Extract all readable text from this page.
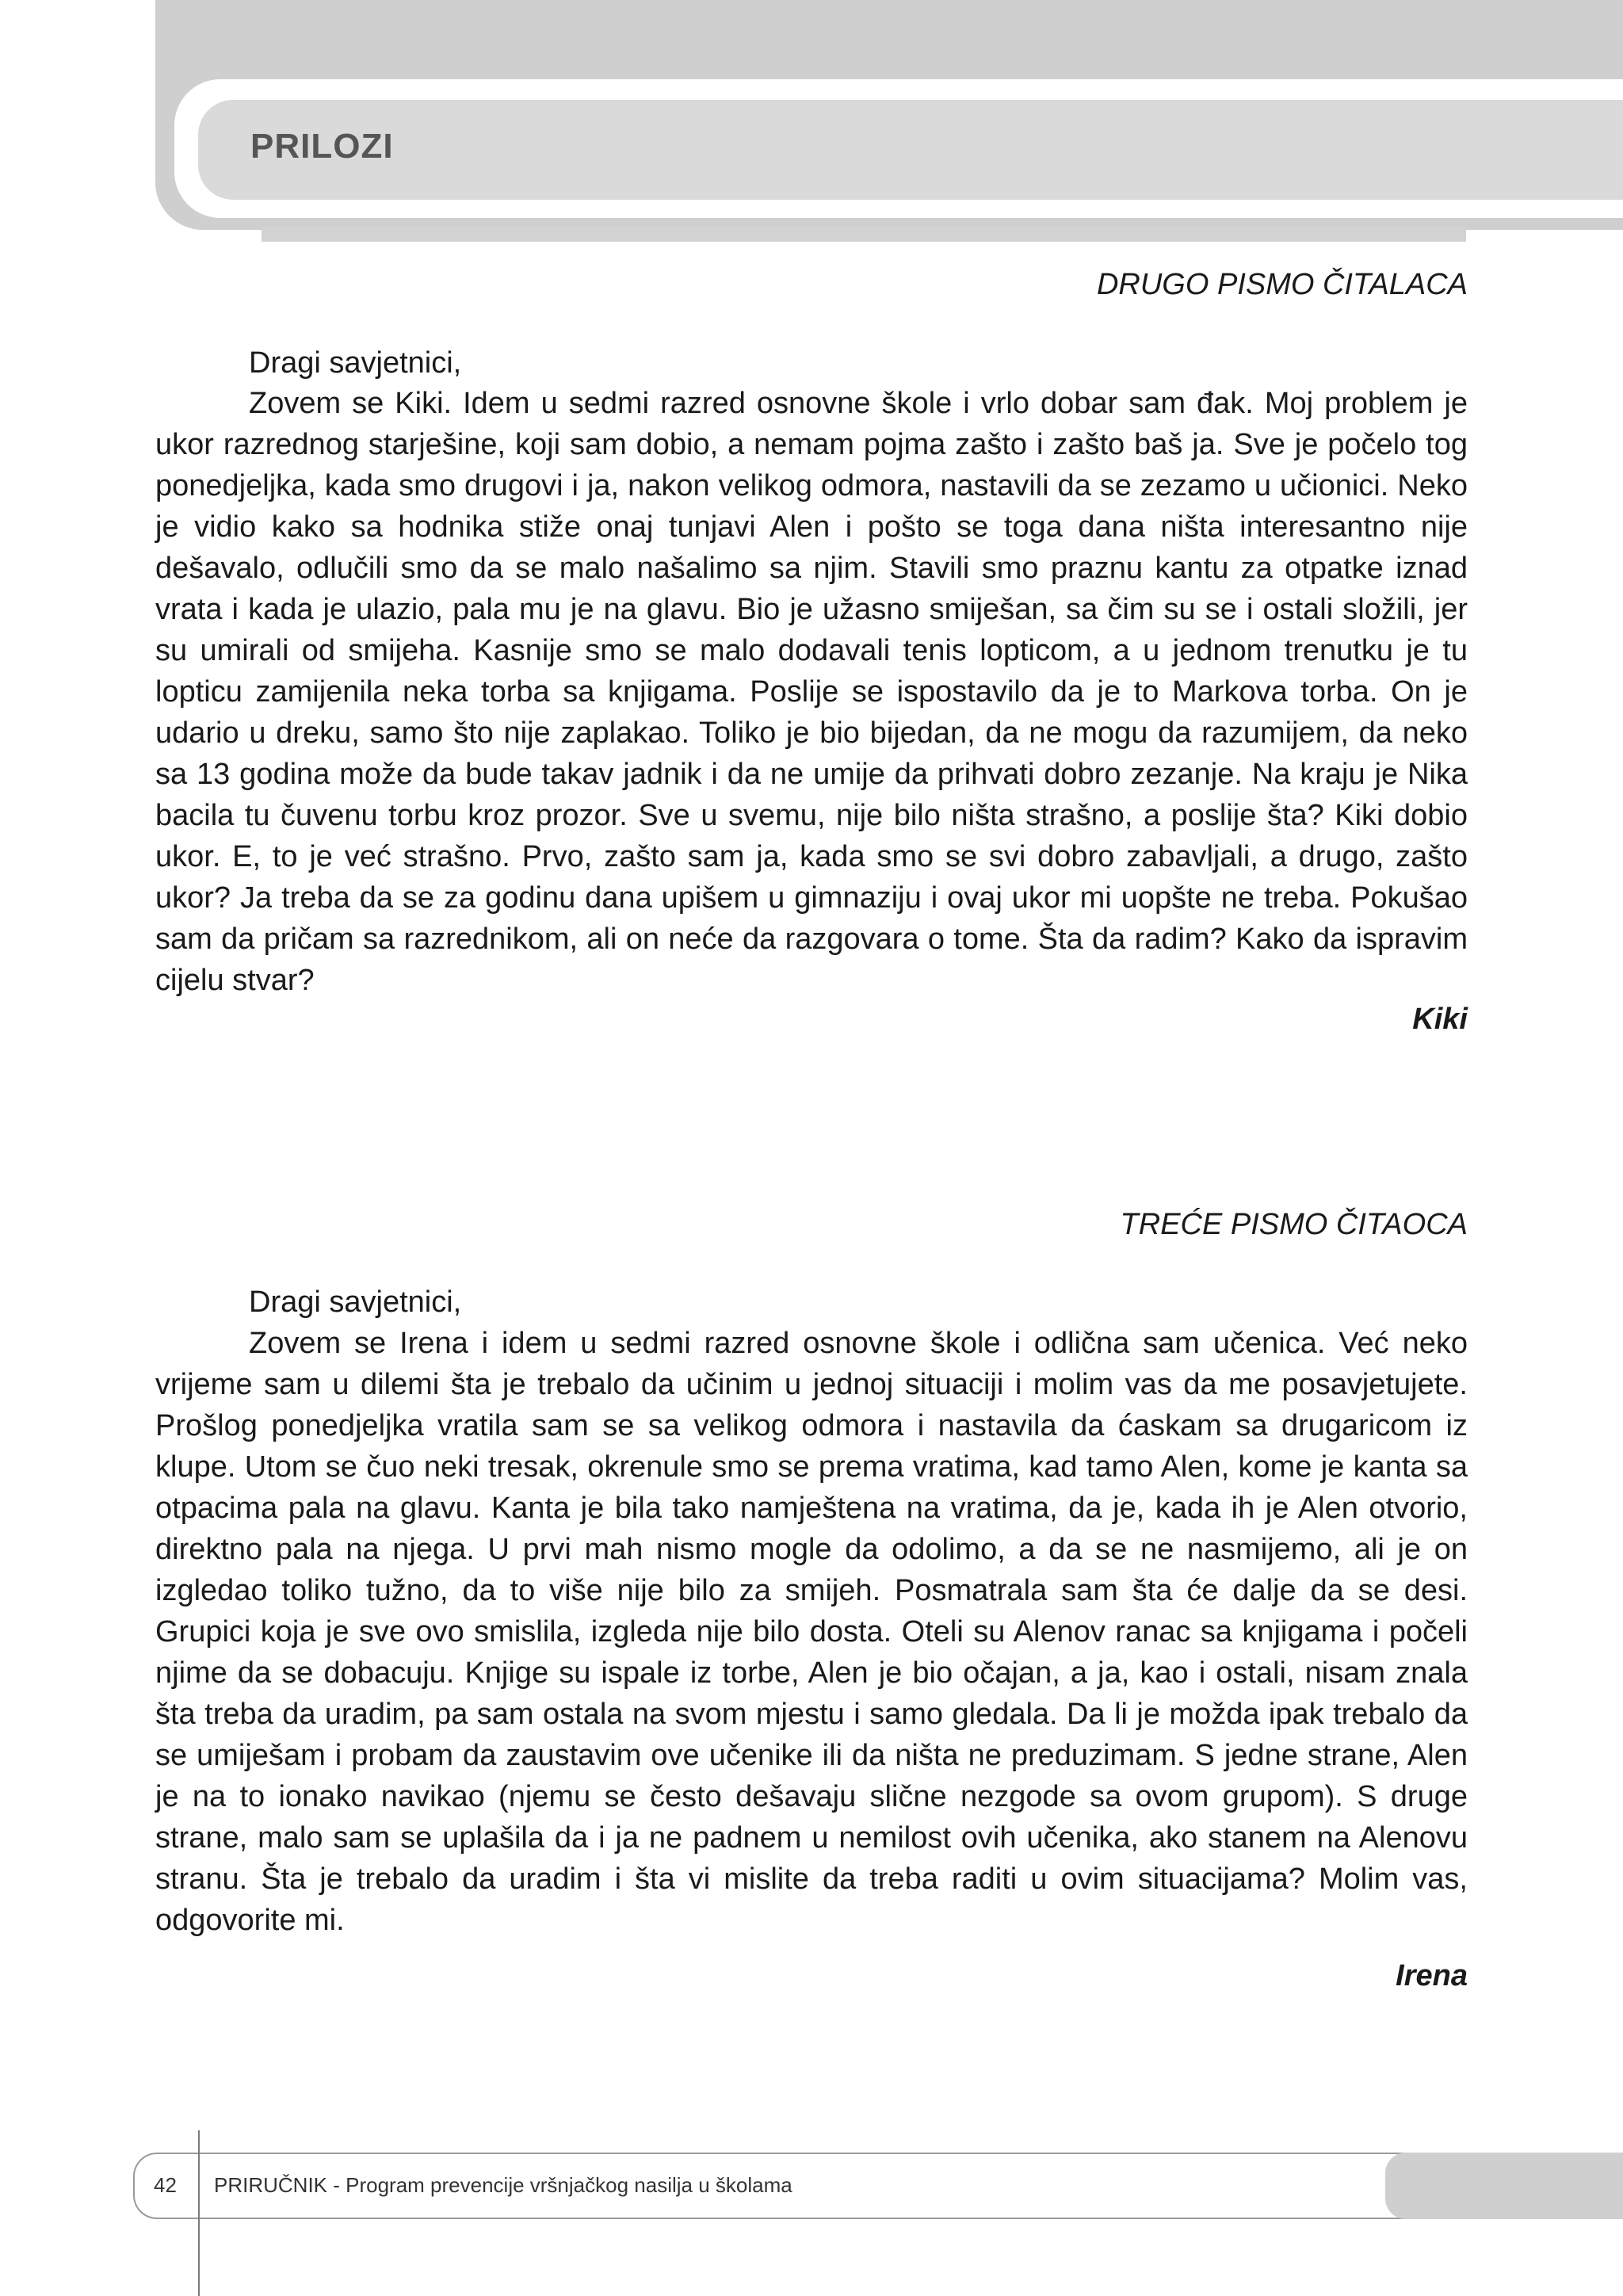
PRILOZI

DRUGO PISMO ČITALACA

Dragi savjetnici,

Zovem se Kiki. Idem u sedmi razred osnovne škole i vrlo dobar sam đak. Moj problem je ukor razrednog starješine, koji sam dobio, a nemam pojma zašto i zašto baš ja. Sve je počelo tog ponedjeljka, kada smo drugovi i ja, nakon velikog odmora, nastavili da se zezamo u učionici. Neko je vidio kako sa hodnika stiže onaj tunjavi Alen i pošto se toga dana ništa interesantno nije dešavalo, odlučili smo da se malo našalimo sa njim. Stavili smo praznu kantu za otpatke iznad vrata i kada je ulazio, pala mu je na glavu. Bio je užasno smiješan, sa čim su se i ostali složili, jer su umirali od smijeha. Kasnije smo se malo dodavali tenis lopticom, a u jednom trenutku je tu lopticu zamijenila neka torba sa knjigama. Poslije se ispostavilo da je to Markova torba. On je udario u dreku, samo što nije zaplakao. Toliko je bio bijedan, da ne mogu da razumijem, da neko sa 13 godina može da bude takav jadnik i da ne umije da prihvati dobro zezanje. Na kraju je Nika bacila tu čuvenu torbu kroz prozor. Sve u svemu, nije bilo ništa strašno, a poslije šta? Kiki dobio ukor. E, to je već strašno. Prvo, zašto sam ja, kada smo se svi dobro zabavljali, a drugo, zašto ukor? Ja treba da se za godinu dana upišem u gimnaziju i ovaj ukor mi uopšte ne treba. Pokušao sam da pričam sa razrednikom, ali on neće da razgovara o tome. Šta da radim? Kako da ispravim cijelu stvar?

Kiki

TREĆE PISMO ČITAOCA

Dragi savjetnici,

Zovem se Irena i idem u sedmi razred osnovne škole i odlična sam učenica. Već neko vrijeme sam u dilemi šta je trebalo da učinim u jednoj situaciji i molim vas da me posavjetujete. Prošlog ponedjeljka vratila sam se sa velikog odmora i nastavila da ćaskam sa drugaricom iz klupe. Utom se čuo neki tresak, okrenule smo se prema vratima, kad tamo Alen, kome je kanta sa otpacima pala na glavu. Kanta je bila tako namještena na vratima, da je, kada ih je Alen otvorio, direktno pala na njega. U prvi mah nismo mogle da odolimo, a da se ne nasmijemo, ali je on izgledao toliko tužno, da to više nije bilo za smijeh. Posmatrala sam šta će dalje da se desi. Grupici koja je sve ovo smislila, izgleda nije bilo dosta. Oteli su Alenov ranac sa knjigama i počeli njime da se dobacuju. Knjige su ispale iz torbe, Alen je bio očajan, a ja, kao i ostali, nisam znala šta treba da uradim, pa sam ostala na svom mjestu i samo gledala. Da li je možda ipak trebalo da se umiješam i probam da zaustavim ove učenike ili da ništa ne preduzimam. S jedne strane, Alen je na to ionako navikao (njemu se često dešavaju slične nezgode sa ovom grupom). S druge strane, malo sam se uplašila da i ja ne padnem u nemilost ovih učenika, ako stanem na Alenovu stranu. Šta je trebalo da uradim i šta vi mislite da treba raditi u ovim situacijama? Molim vas, odgovorite mi.

Irena

42 PRIRUČNIK - Program prevencije vršnjačkog nasilja u školama
